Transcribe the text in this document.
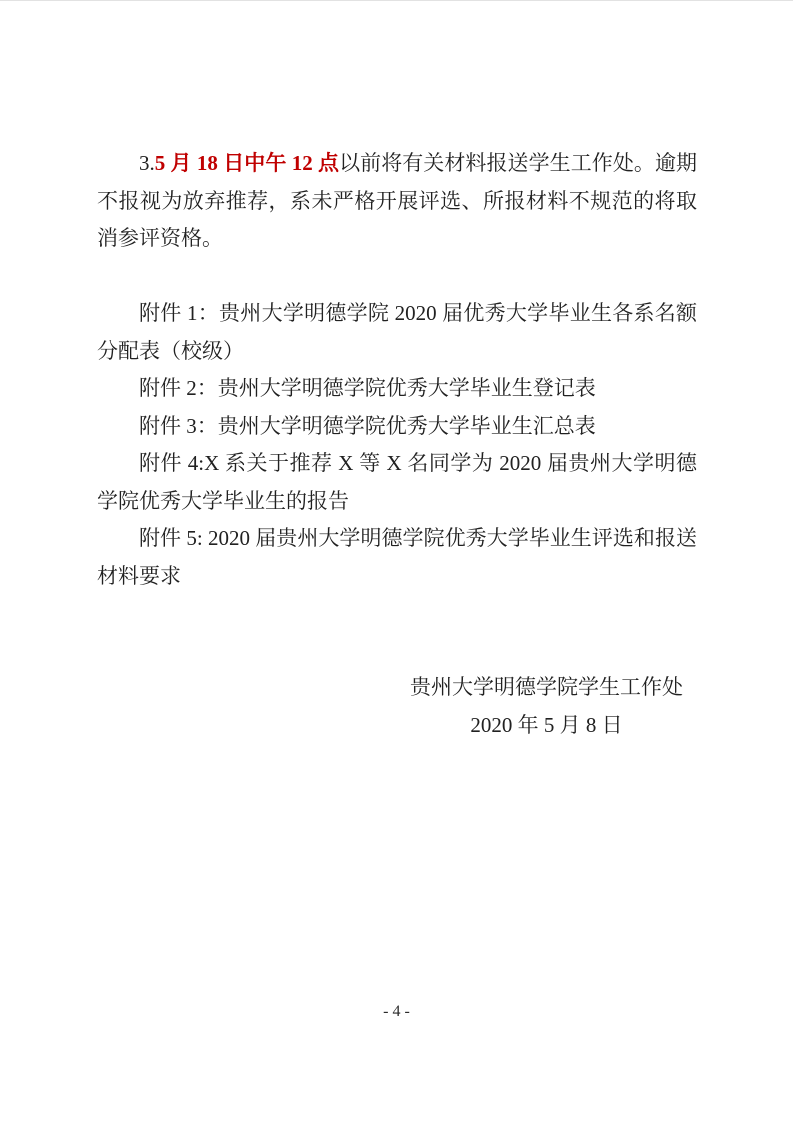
3.5 月 18 日中午 12 点以前将有关材料报送学生工作处。逾期不报视为放弃推荐，系未严格开展评选、所报材料不规范的将取消参评资格。

附件 1：贵州大学明德学院 2020 届优秀大学毕业生各系名额分配表（校级）

附件 2：贵州大学明德学院优秀大学毕业生登记表

附件 3：贵州大学明德学院优秀大学毕业生汇总表

附件 4:X 系关于推荐 X 等 X 名同学为 2020 届贵州大学明德学院优秀大学毕业生的报告

附件 5: 2020 届贵州大学明德学院优秀大学毕业生评选和报送材料要求

贵州大学明德学院学生工作处
2020 年 5 月 8 日
- 4 -
